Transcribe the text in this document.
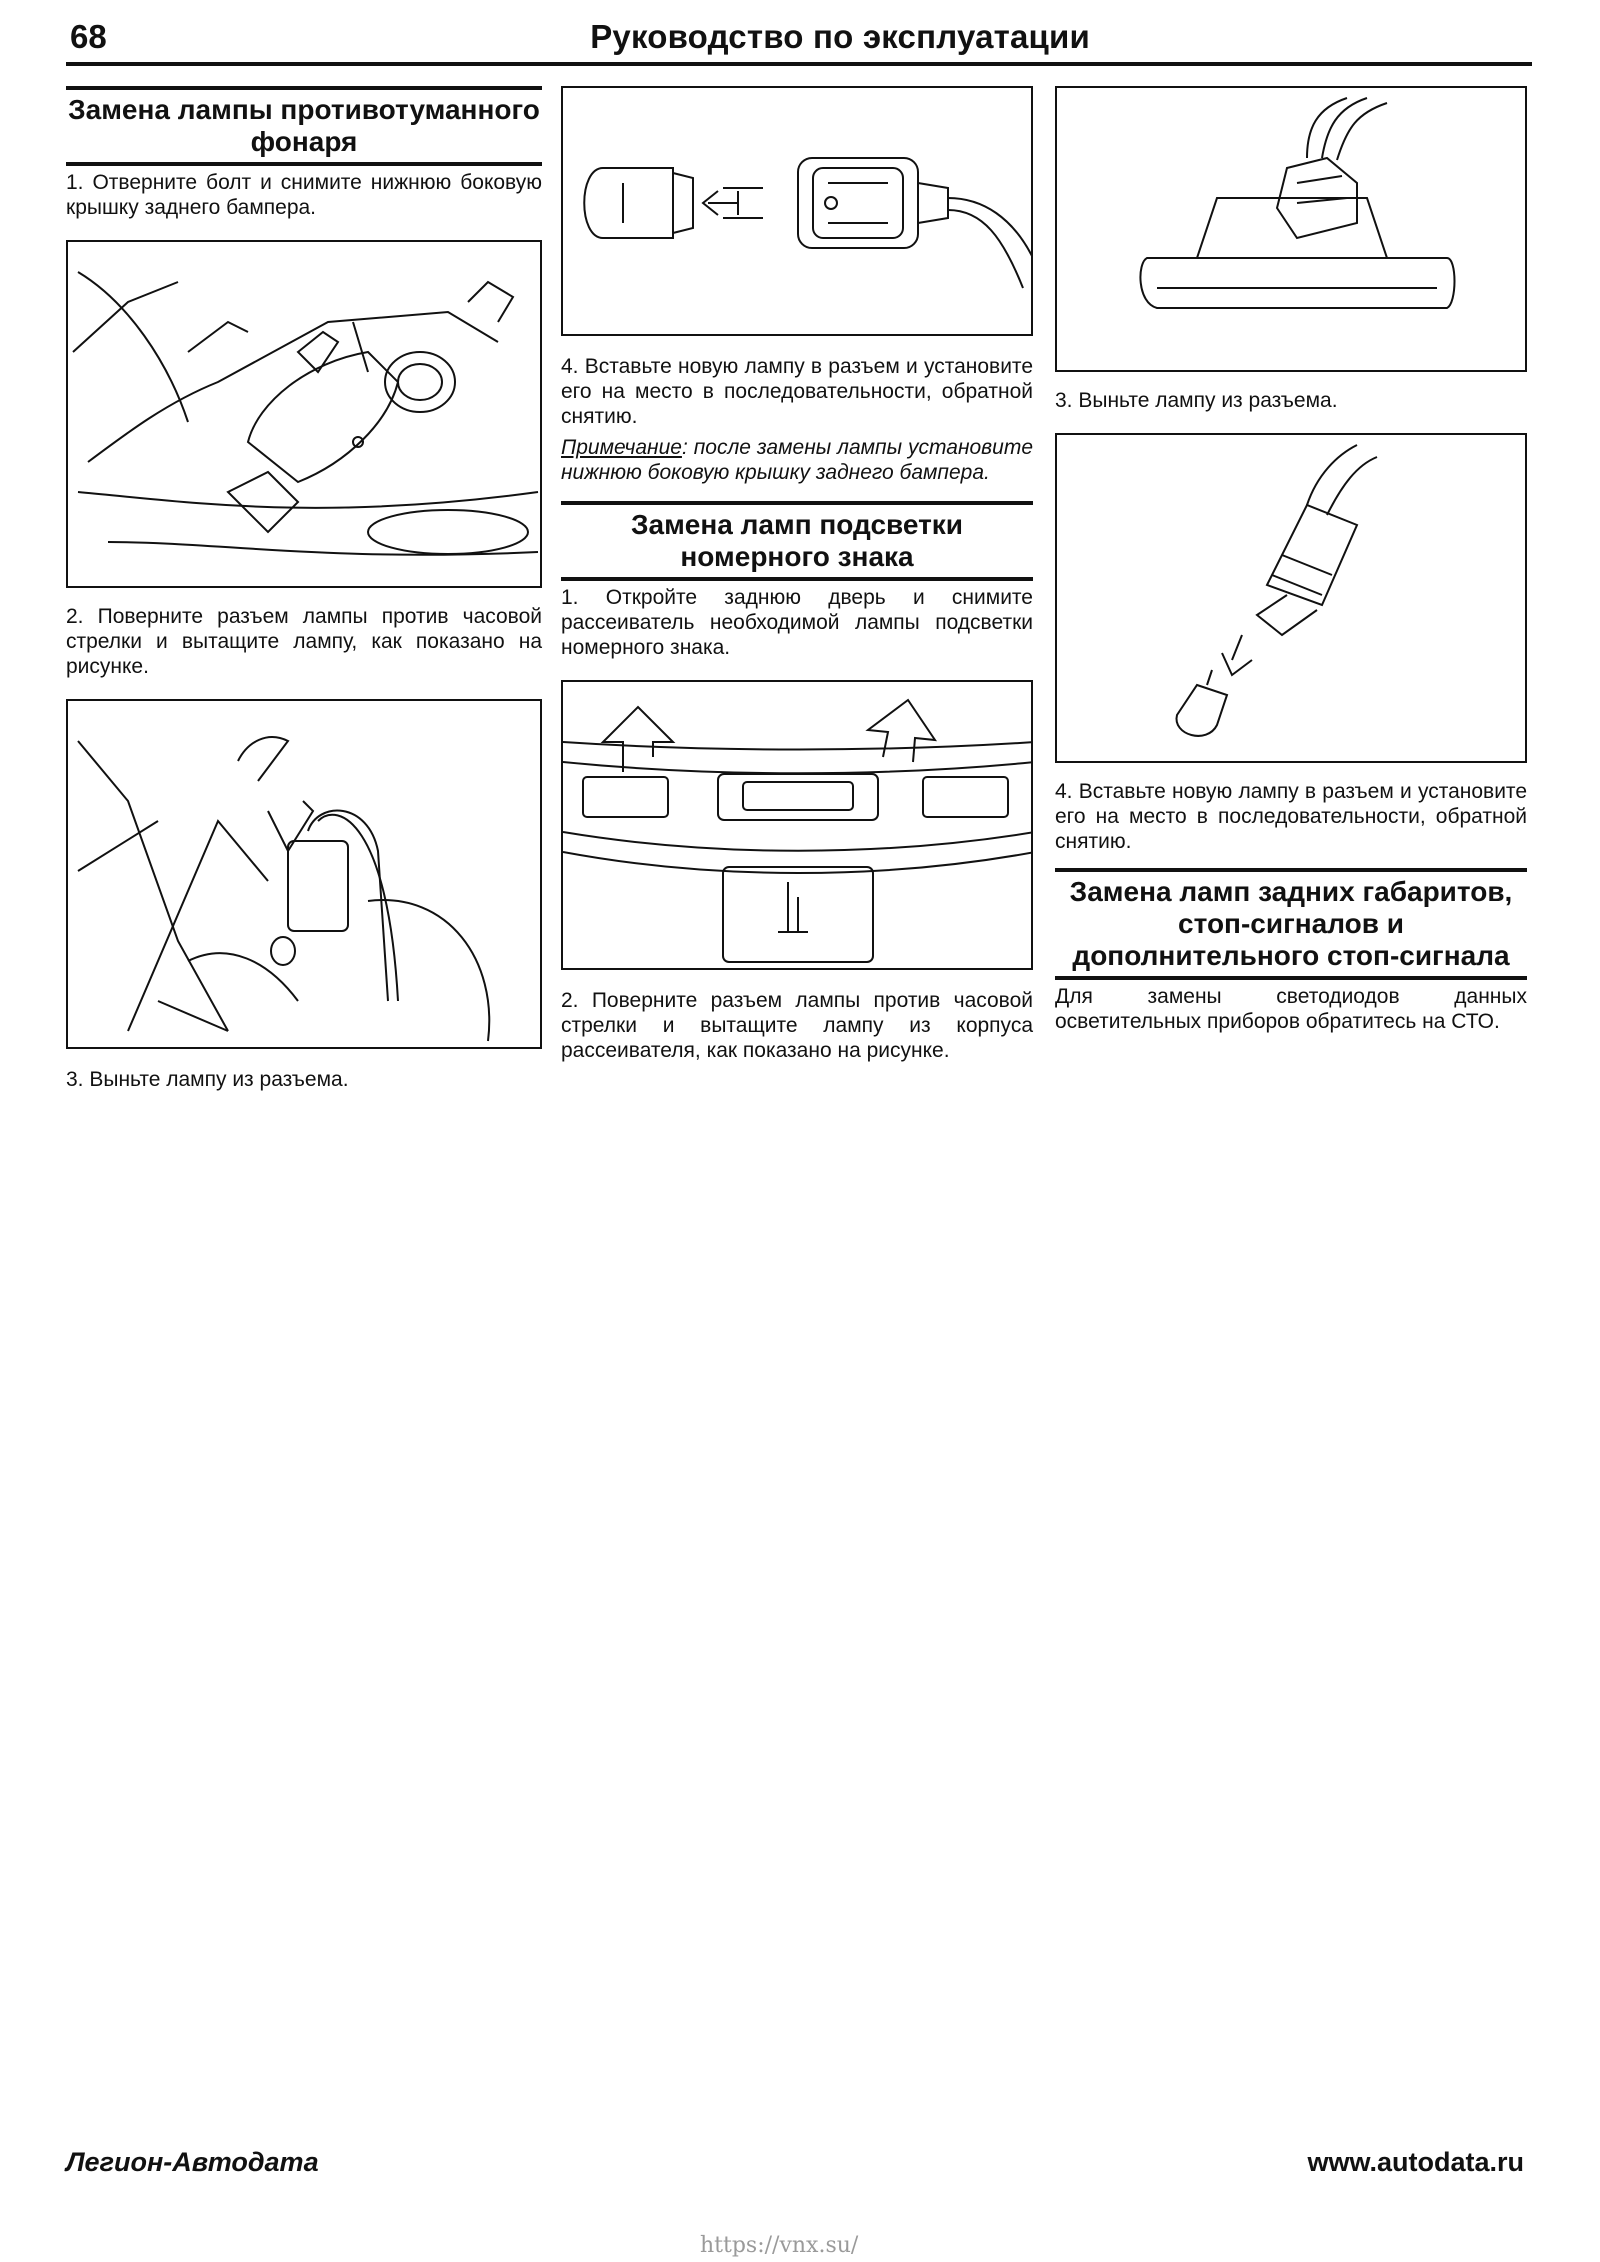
68	Руководство по эксплуатации
Замена лампы противотуманного фонаря

1. Отверните болт и снимите нижнюю боковую крышку заднего бампера.

2. Поверните разъем лампы против часовой стрелки и вытащите лампу, как показано на рисунке.

3. Выньте лампу из разъема.

4. Вставьте новую лампу в разъем и установите его на место в последовательности, обратной снятию.

Примечание: после замены лампы установите нижнюю боковую крышку заднего бампера.

Замена ламп подсветки номерного знака

1. Откройте заднюю дверь и снимите рассеиватель необходимой лампы подсветки номерного знака.

2. Поверните разъем лампы против часовой стрелки и вытащите лампу из корпуса рассеивателя, как показано на рисунке.

3. Выньте лампу из разъема.

4. Вставьте новую лампу в разъем и установите его на место в последовательности, обратной снятию.

Замена ламп задних габаритов, стоп-сигналов и дополнительного стоп-сигнала

Для замены светодиодов данных осветительных приборов обратитесь на СТО.

Легион-Автодата	www.autodata.ru
https://vnx.su/
